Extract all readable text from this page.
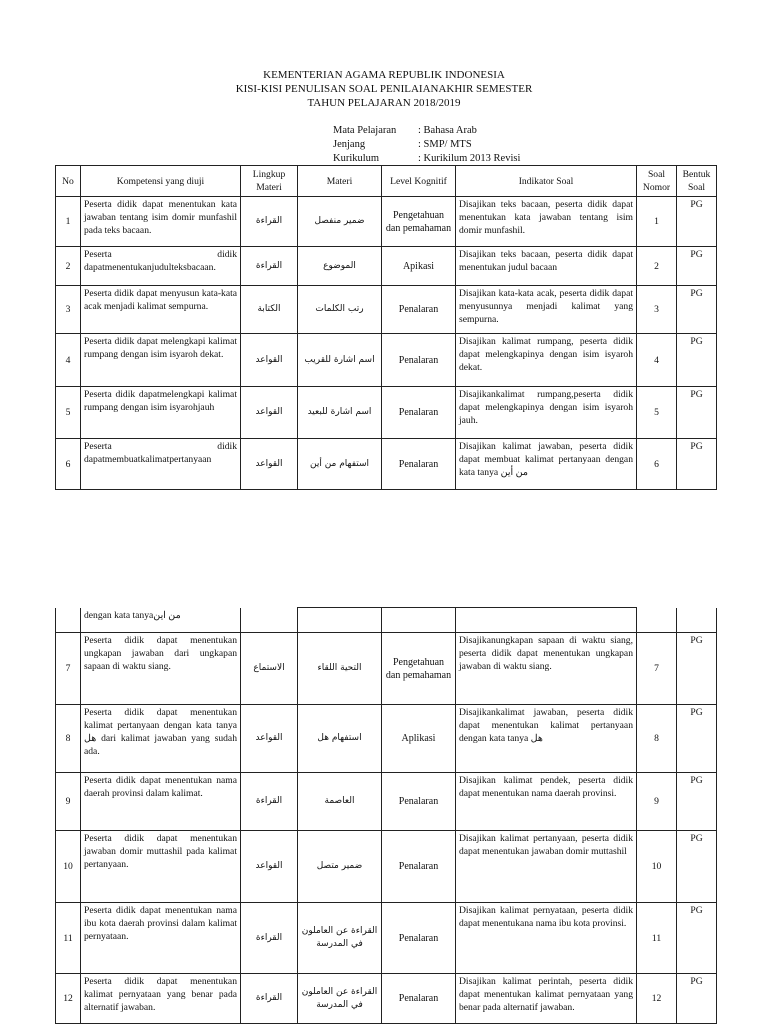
KEMENTERIAN AGAMA REPUBLIK INDONESIA
KISI-KISI PENULISAN SOAL PENILAIANAKHIR SEMESTER
TAHUN PELAJARAN 2018/2019
Mata Pelajaran	: Bahasa Arab
Jenjang	: SMP/ MTS
Kurikulum	: Kurikilum 2013 Revisi
No	Kompetensi yang diuji	Lingkup Materi	Materi	Level Kognitif	Indikator Soal	Soal Nomor	Bentuk Soal
1	Peserta didik dapat menentukan kata jawaban tentang isim domir munfashil pada teks bacaan.	القراءة	ضمير منفصل	Pengetahuan dan pemahaman	Disajikan teks bacaan, peserta didik dapat menentukan kata jawaban tentang isim domir munfashil.	1	PG
2	Peserta didik dapatmenentukanjudulteksbacaan.	القراءة	الموضوع	Apikasi	Disajikan teks bacaan, peserta didik dapat menentukan judul bacaan	2	PG
3	Peserta didik dapat menyusun kata-kata acak menjadi kalimat sempurna.	الكتابة	رتب الكلمات	Penalaran	Disajikan kata-kata acak, peserta didik dapat menyusunnya menjadi kalimat yang sempurna.	3	PG
4	Peserta didik dapat melengkapi kalimat rumpang dengan isim isyaroh dekat.	القواعد	اسم اشارة للقريب	Penalaran	Disajikan kalimat rumpang, peserta didik dapat melengkapinya dengan isim isyaroh dekat.	4	PG
5	Peserta didik dapatmelengkapi kalimat rumpang dengan isim isyarohjauh	القواعد	اسم اشارة للبعيد	Penalaran	Disajikankalimat rumpang,peserta didik dapat melengkapinya dengan isim isyaroh jauh.	5	PG
6	Peserta didik dapatmembuatkalimatpertanyaan	القواعد	استفهام من أين	Penalaran	Disajikan kalimat jawaban, peserta didik dapat membuat kalimat pertanyaan dengan kata tanya من أين	6	PG
	dengan kata tanyaمن اين						
7	Peserta didik dapat menentukan ungkapan jawaban dari ungkapan sapaan di waktu siang.	الاستماع	التحية اللقاء	Pengetahuan dan pemahaman	Disajikanungkapan sapaan di waktu siang, peserta didik dapat menentukan ungkapan jawaban di waktu siang.	7	PG
8	Peserta didik dapat menentukan kalimat pertanyaan dengan kata tanya هل dari kalimat jawaban yang sudah ada.	القواعد	استفهام هل	Aplikasi	Disajikankalimat jawaban, peserta didik dapat menentukan kalimat pertanyaan dengan kata tanya هل	8	PG
9	Peserta didik dapat menentukan nama daerah provinsi dalam kalimat.	القراءة	العاصمة	Penalaran	Disajikan kalimat pendek, peserta didik dapat menentukan nama daerah provinsi.	9	PG
10	Peserta didik dapat menentukan jawaban domir muttashil pada kalimat pertanyaan.	القواعد	ضمير متصل	Penalaran	Disajikan kalimat pertanyaan, peserta didik dapat menentukan jawaban domir muttashil	10	PG
11	Peserta didik dapat menentukan nama ibu kota daerah provinsi dalam kalimat pernyataan.	القراءة	القراءة عن العاملون في المدرسة	Penalaran	Disajikan kalimat pernyataan, peserta didik dapat menentukana nama ibu kota provinsi.	11	PG
12	Peserta didik dapat menentukan kalimat pernyataan yang benar pada alternatif jawaban.	القراءة	القراءة عن العاملون في المدرسة	Penalaran	Disajikan kalimat perintah, peserta didik dapat menentukan kalimat pernyataan yang benar pada alternatif jawaban.	12	PG
